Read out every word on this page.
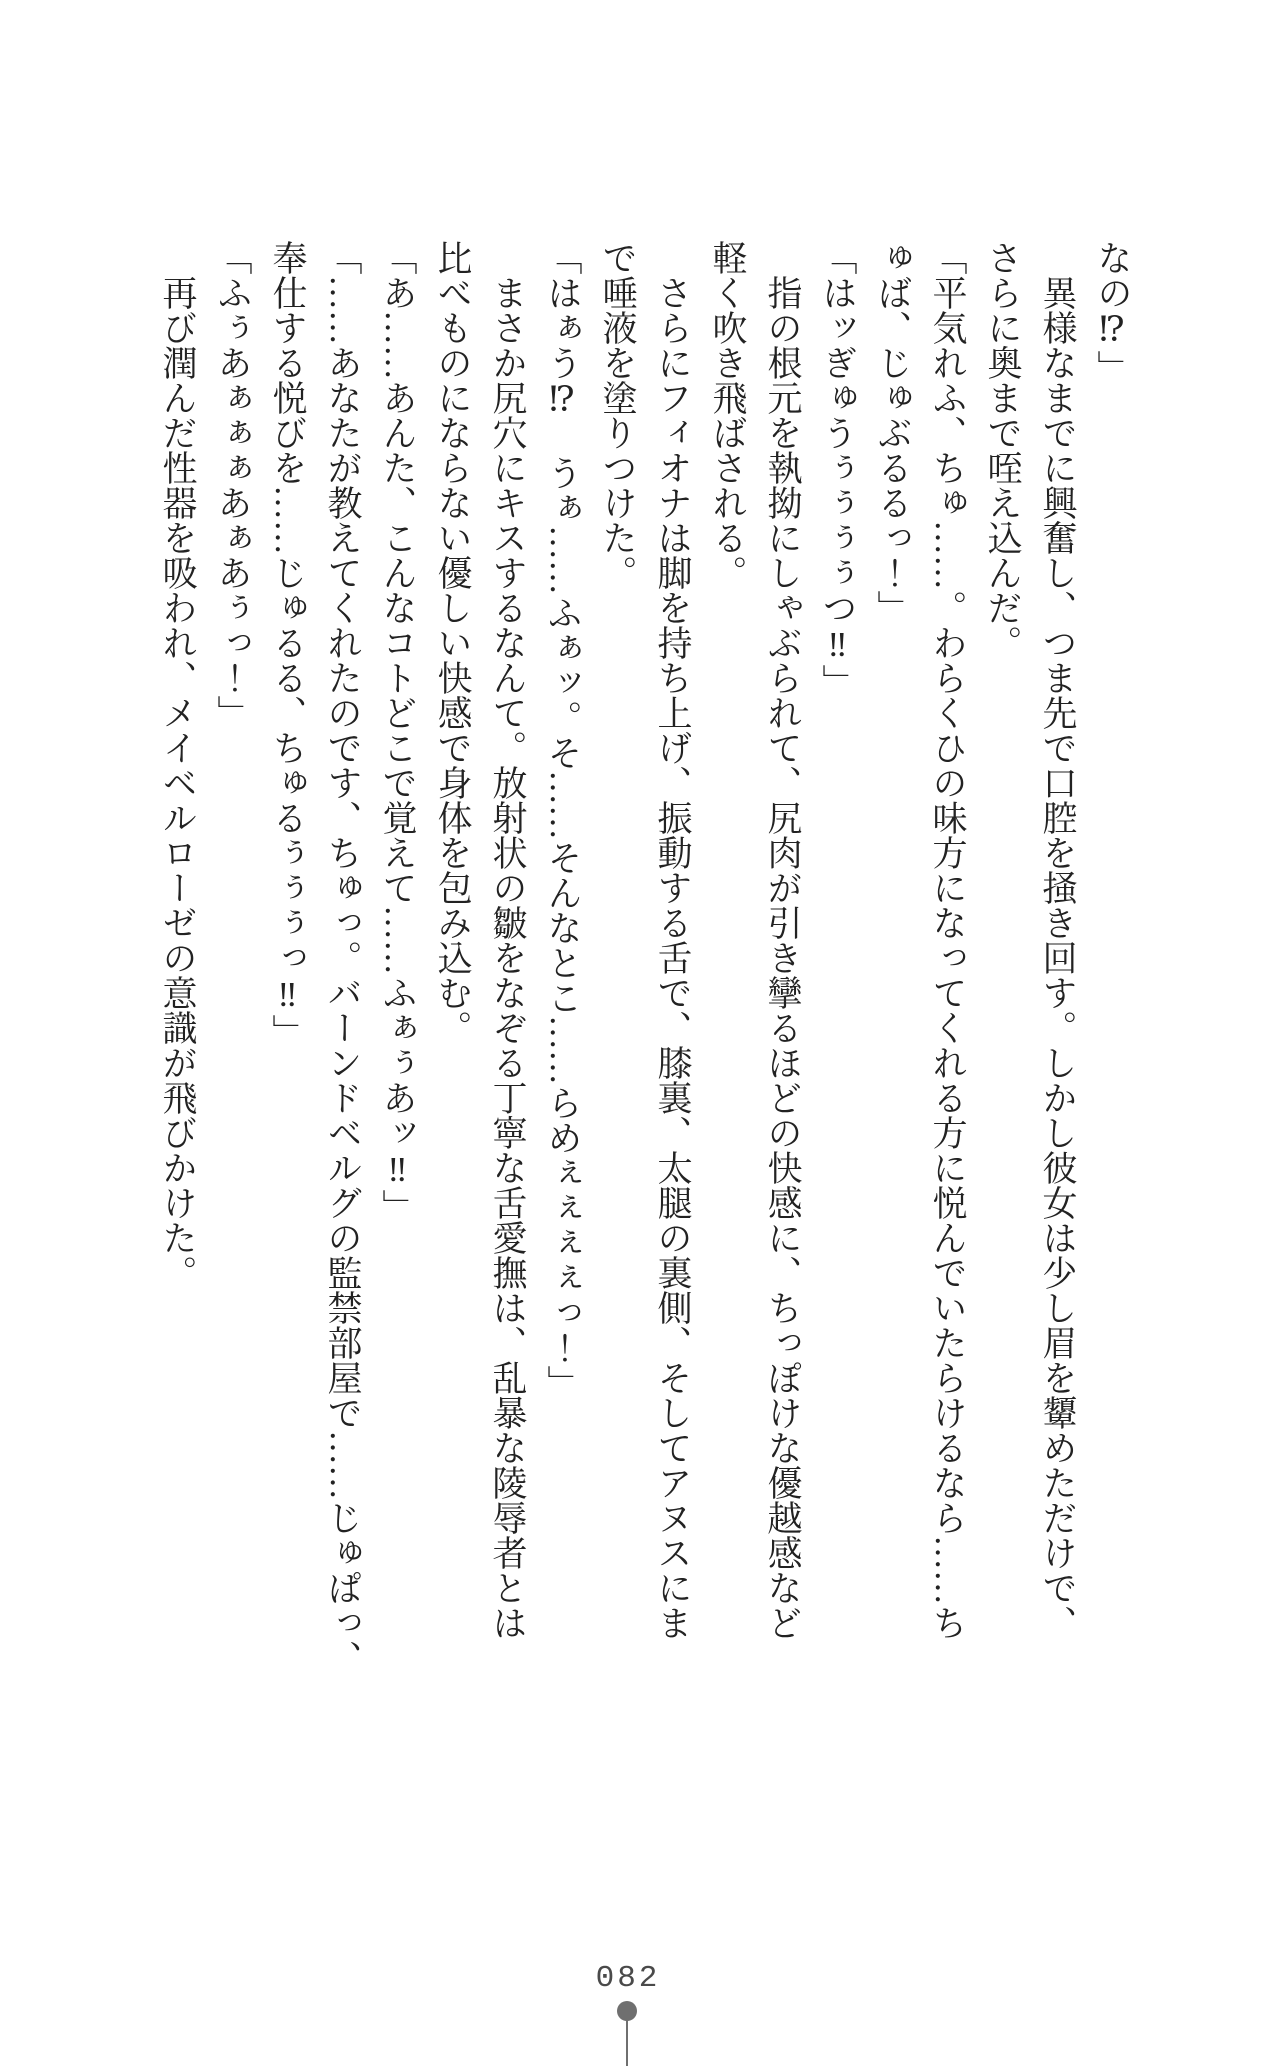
なの⁉」

　異様なまでに興奮し、つま先で口腔を掻き回す。しかし彼女は少し眉を顰めただけで、

さらに奥まで咥え込んだ。

「平気れふ、ちゅ……。わらくひの味方になってくれる方に悦んでいたらけるなら……ち

ゅば、じゅぶるるっ！」

「はッぎゅうぅぅぅぅつ‼」

　指の根元を執拗にしゃぶられて、尻肉が引き攣るほどの快感に、ちっぽけな優越感など

軽く吹き飛ばされる。

　さらにフィオナは脚を持ち上げ、振動する舌で、膝裏、太腿の裏側、そしてアヌスにま

で唾液を塗りつけた。

「はぁう⁉　うぁ……ふぁッ。そ……そんなとこ……らめぇぇぇぇっ！」

　まさか尻穴にキスするなんて。放射状の皺をなぞる丁寧な舌愛撫は、乱暴な陵辱者とは

比べものにならない優しい快感で身体を包み込む。

「あ……あんた、こんなコトどこで覚えて……ふぁぅあッ‼」

「……あなたが教えてくれたのです、ちゅっ。バーンドベルグの監禁部屋で……じゅぱっ、

奉仕する悦びを……じゅるる、ちゅるぅぅぅっ‼」

「ふぅあぁぁぁあぁあぅっ！」

　再び潤んだ性器を吸われ、メイベルローゼの意識が飛びかけた。

082
